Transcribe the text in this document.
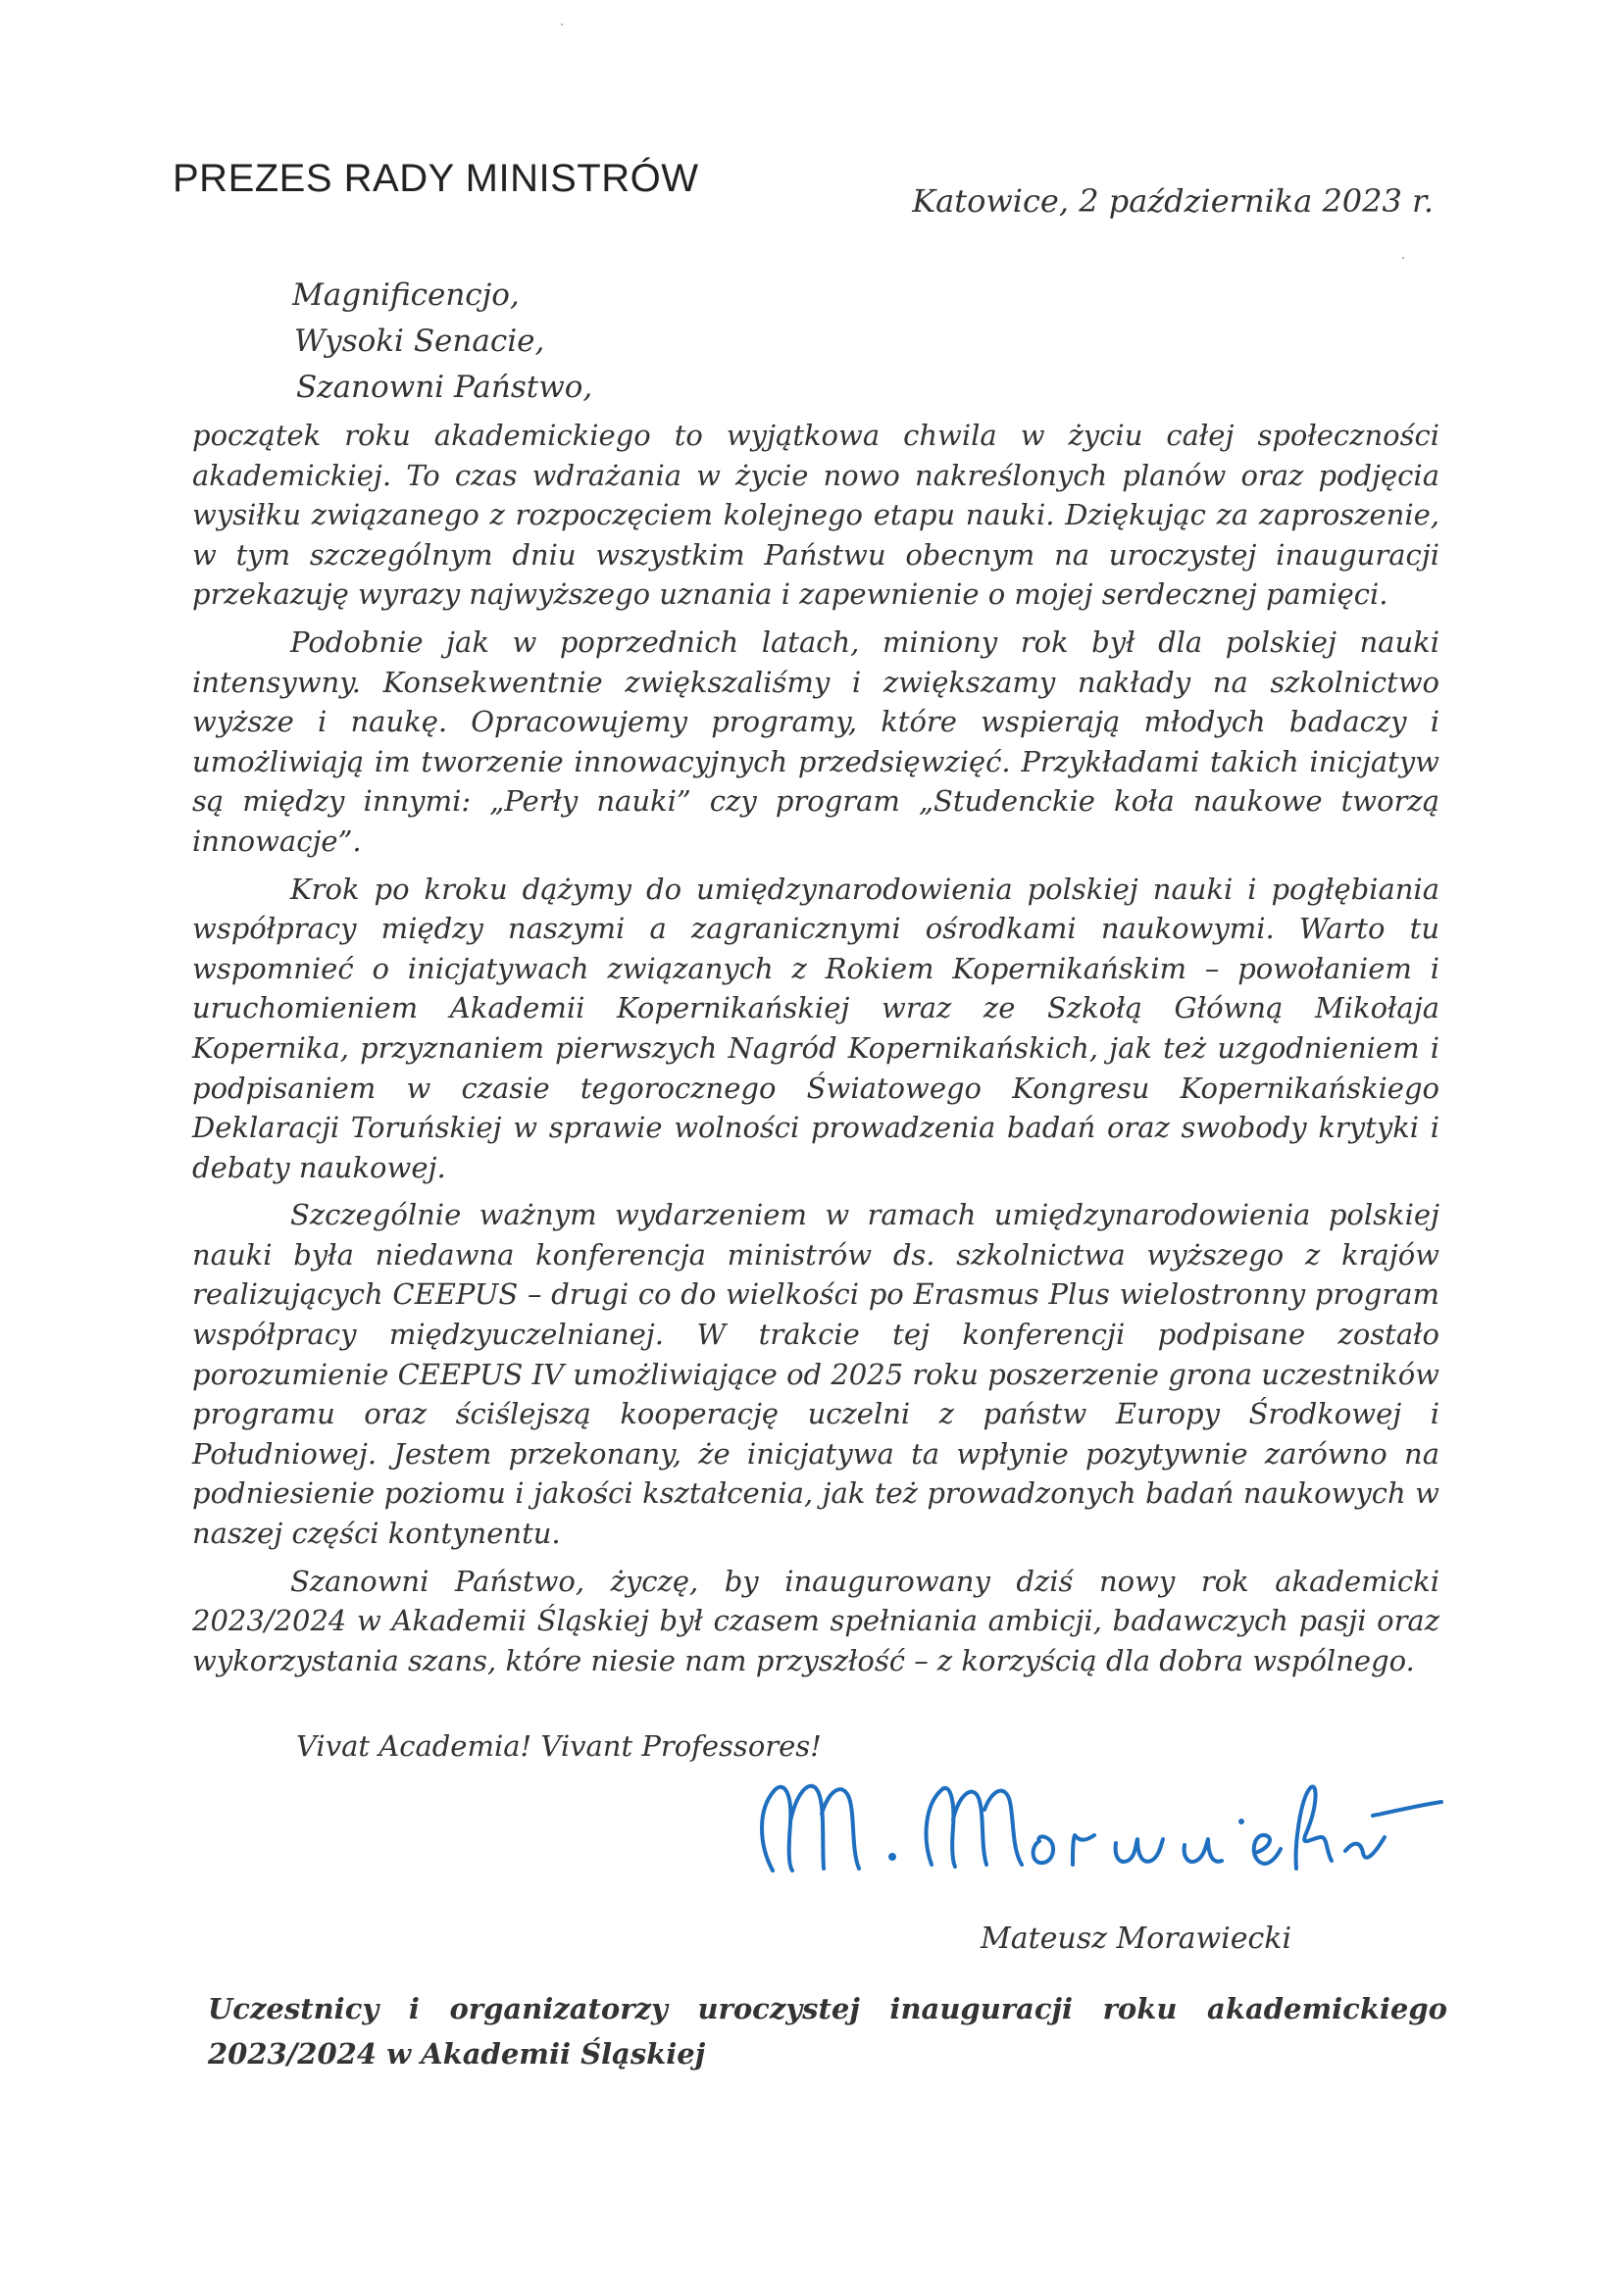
PREZES RADY MINISTRÓW
Katowice, 2 października 2023 r.
Magnificencjo,
Wysoki Senacie,
Szanowni Państwo,

początek roku akademickiego to wyjątkowa chwila w życiu całej społeczności akademickiej. To czas wdrażania w życie nowo nakreślonych planów oraz podjęcia wysiłku związanego z rozpoczęciem kolejnego etapu nauki. Dziękując za zaproszenie, w tym szczególnym dniu wszystkim Państwu obecnym na uroczystej inauguracji przekazuję wyrazy najwyższego uznania i zapewnienie o mojej serdecznej pamięci.

Podobnie jak w poprzednich latach, miniony rok był dla polskiej nauki intensywny. Konsekwentnie zwiększaliśmy i zwiększamy nakłady na szkolnictwo wyższe i naukę. Opracowujemy programy, które wspierają młodych badaczy i umożliwiają im tworzenie innowacyjnych przedsięwzięć. Przykładami takich inicjatyw są między innymi: „Perły nauki” czy program „Studenckie koła naukowe tworzą innowacje”.

Krok po kroku dążymy do umiędzynarodowienia polskiej nauki i pogłębiania współpracy między naszymi a zagranicznymi ośrodkami naukowymi. Warto tu wspomnieć o inicjatywach związanych z Rokiem Kopernikańskim – powołaniem i uruchomieniem Akademii Kopernikańskiej wraz ze Szkołą Główną Mikołaja Kopernika, przyznaniem pierwszych Nagród Kopernikańskich, jak też uzgodnieniem i podpisaniem w czasie tegorocznego Światowego Kongresu Kopernikańskiego Deklaracji Toruńskiej w sprawie wolności prowadzenia badań oraz swobody krytyki i debaty naukowej.

Szczególnie ważnym wydarzeniem w ramach umiędzynarodowienia polskiej nauki była niedawna konferencja ministrów ds. szkolnictwa wyższego z krajów realizujących CEEPUS – drugi co do wielkości po Erasmus Plus wielostronny program współpracy międzyuczelnianej. W trakcie tej konferencji podpisane zostało porozumienie CEEPUS IV umożliwiające od 2025 roku poszerzenie grona uczestników programu oraz ściślejszą kooperację uczelni z państw Europy Środkowej i Południowej. Jestem przekonany, że inicjatywa ta wpłynie pozytywnie zarówno na podniesienie poziomu i jakości kształcenia, jak też prowadzonych badań naukowych w naszej części kontynentu.

Szanowni Państwo, życzę, by inaugurowany dziś nowy rok akademicki 2023/2024 w Akademii Śląskiej był czasem spełniania ambicji, badawczych pasji oraz wykorzystania szans, które niesie nam przyszłość – z korzyścią dla dobra wspólnego.

Vivat Academia! Vivant Professores!
Mateusz Morawiecki
Uczestnicy i organizatorzy uroczystej inauguracji roku akademickiego 2023/2024 w Akademii Śląskiej
